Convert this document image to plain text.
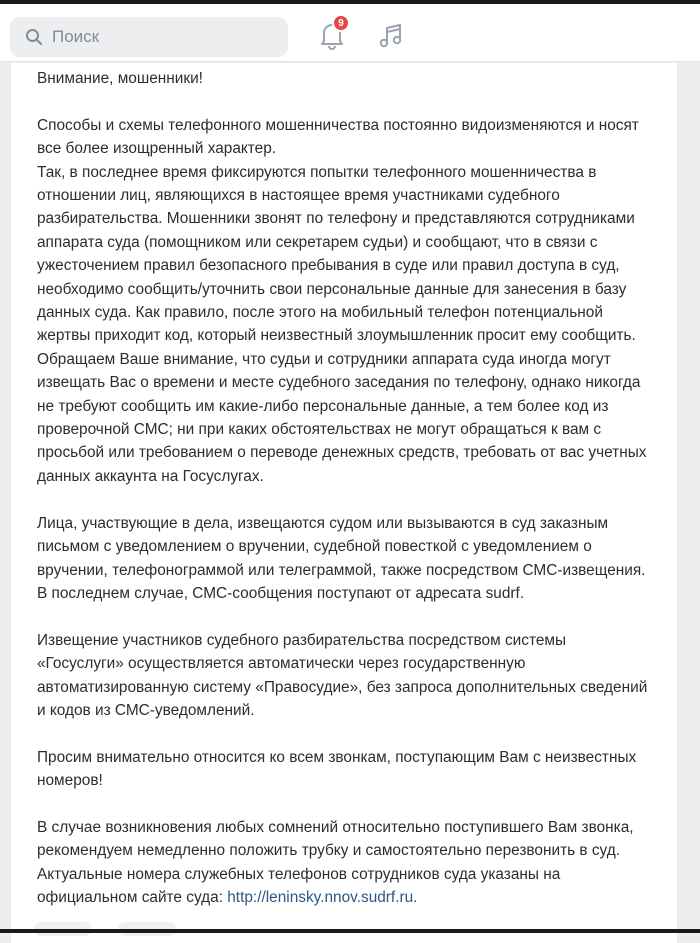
Поиск
9

Внимание, мошенники!

Способы и схемы телефонного мошенничества постоянно видоизменяются и носят все более изощренный характер.

Так, в последнее время фиксируются попытки телефонного мошенничества в отношении лиц, являющихся в настоящее время участниками судебного разбирательства. Мошенники звонят по телефону и представляются сотрудниками аппарата суда (помощником или секретарем судьи) и сообщают, что в связи с ужесточением правил безопасного пребывания в суде или правил доступа в суд, необходимо сообщить/уточнить свои персональные данные для занесения в базу данных суда. Как правило, после этого на мобильный телефон потенциальной жертвы приходит код, который неизвестный злоумышленник просит ему сообщить.

Обращаем Ваше внимание, что судьи и сотрудники аппарата суда иногда могут извещать Вас о времени и месте судебного заседания по телефону, однако никогда не требуют сообщить им какие-либо персональные данные, а тем более код из проверочной СМС; ни при каких обстоятельствах не могут обращаться к вам с просьбой или требованием о переводе денежных средств, требовать от вас учетных данных аккаунта на Госуслугах.

Лица, участвующие в дела, извещаются судом или вызываются в суд заказным письмом с уведомлением о вручении, судебной повесткой с уведомлением о вручении, телефонограммой или телеграммой, также посредством СМС-извещения. В последнем случае, СМС-сообщения поступают от адресата sudrf.

Извещение участников судебного разбирательства посредством системы «Госуслуги» осуществляется автоматически через государственную автоматизированную систему «Правосудие», без запроса дополнительных сведений и кодов из СМС-уведомлений.

Просим внимательно относится ко всем звонкам, поступающим Вам с неизвестных номеров!

В случае возникновения любых сомнений относительно поступившего Вам звонка, рекомендуем немедленно положить трубку и самостоятельно перезвонить в суд. Актуальные номера служебных телефонов сотрудников суда указаны на официальном сайте суда: http://leninsky.nnov.sudrf.ru.
